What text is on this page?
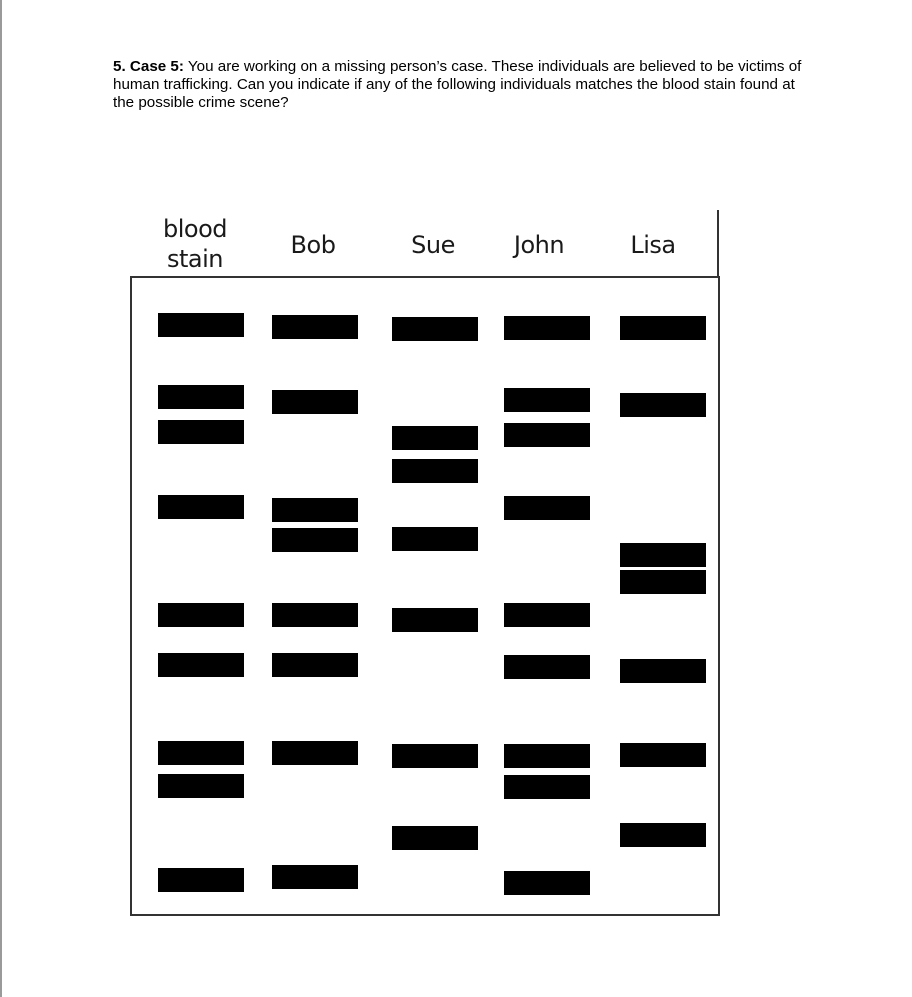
5. Case 5: You are working on a missing person’s case. These individuals are believed to be victims of human trafficking. Can you indicate if any of the following individuals matches the blood stain found at the possible crime scene?
blood
stain	Bob	Sue	John	Lisa
